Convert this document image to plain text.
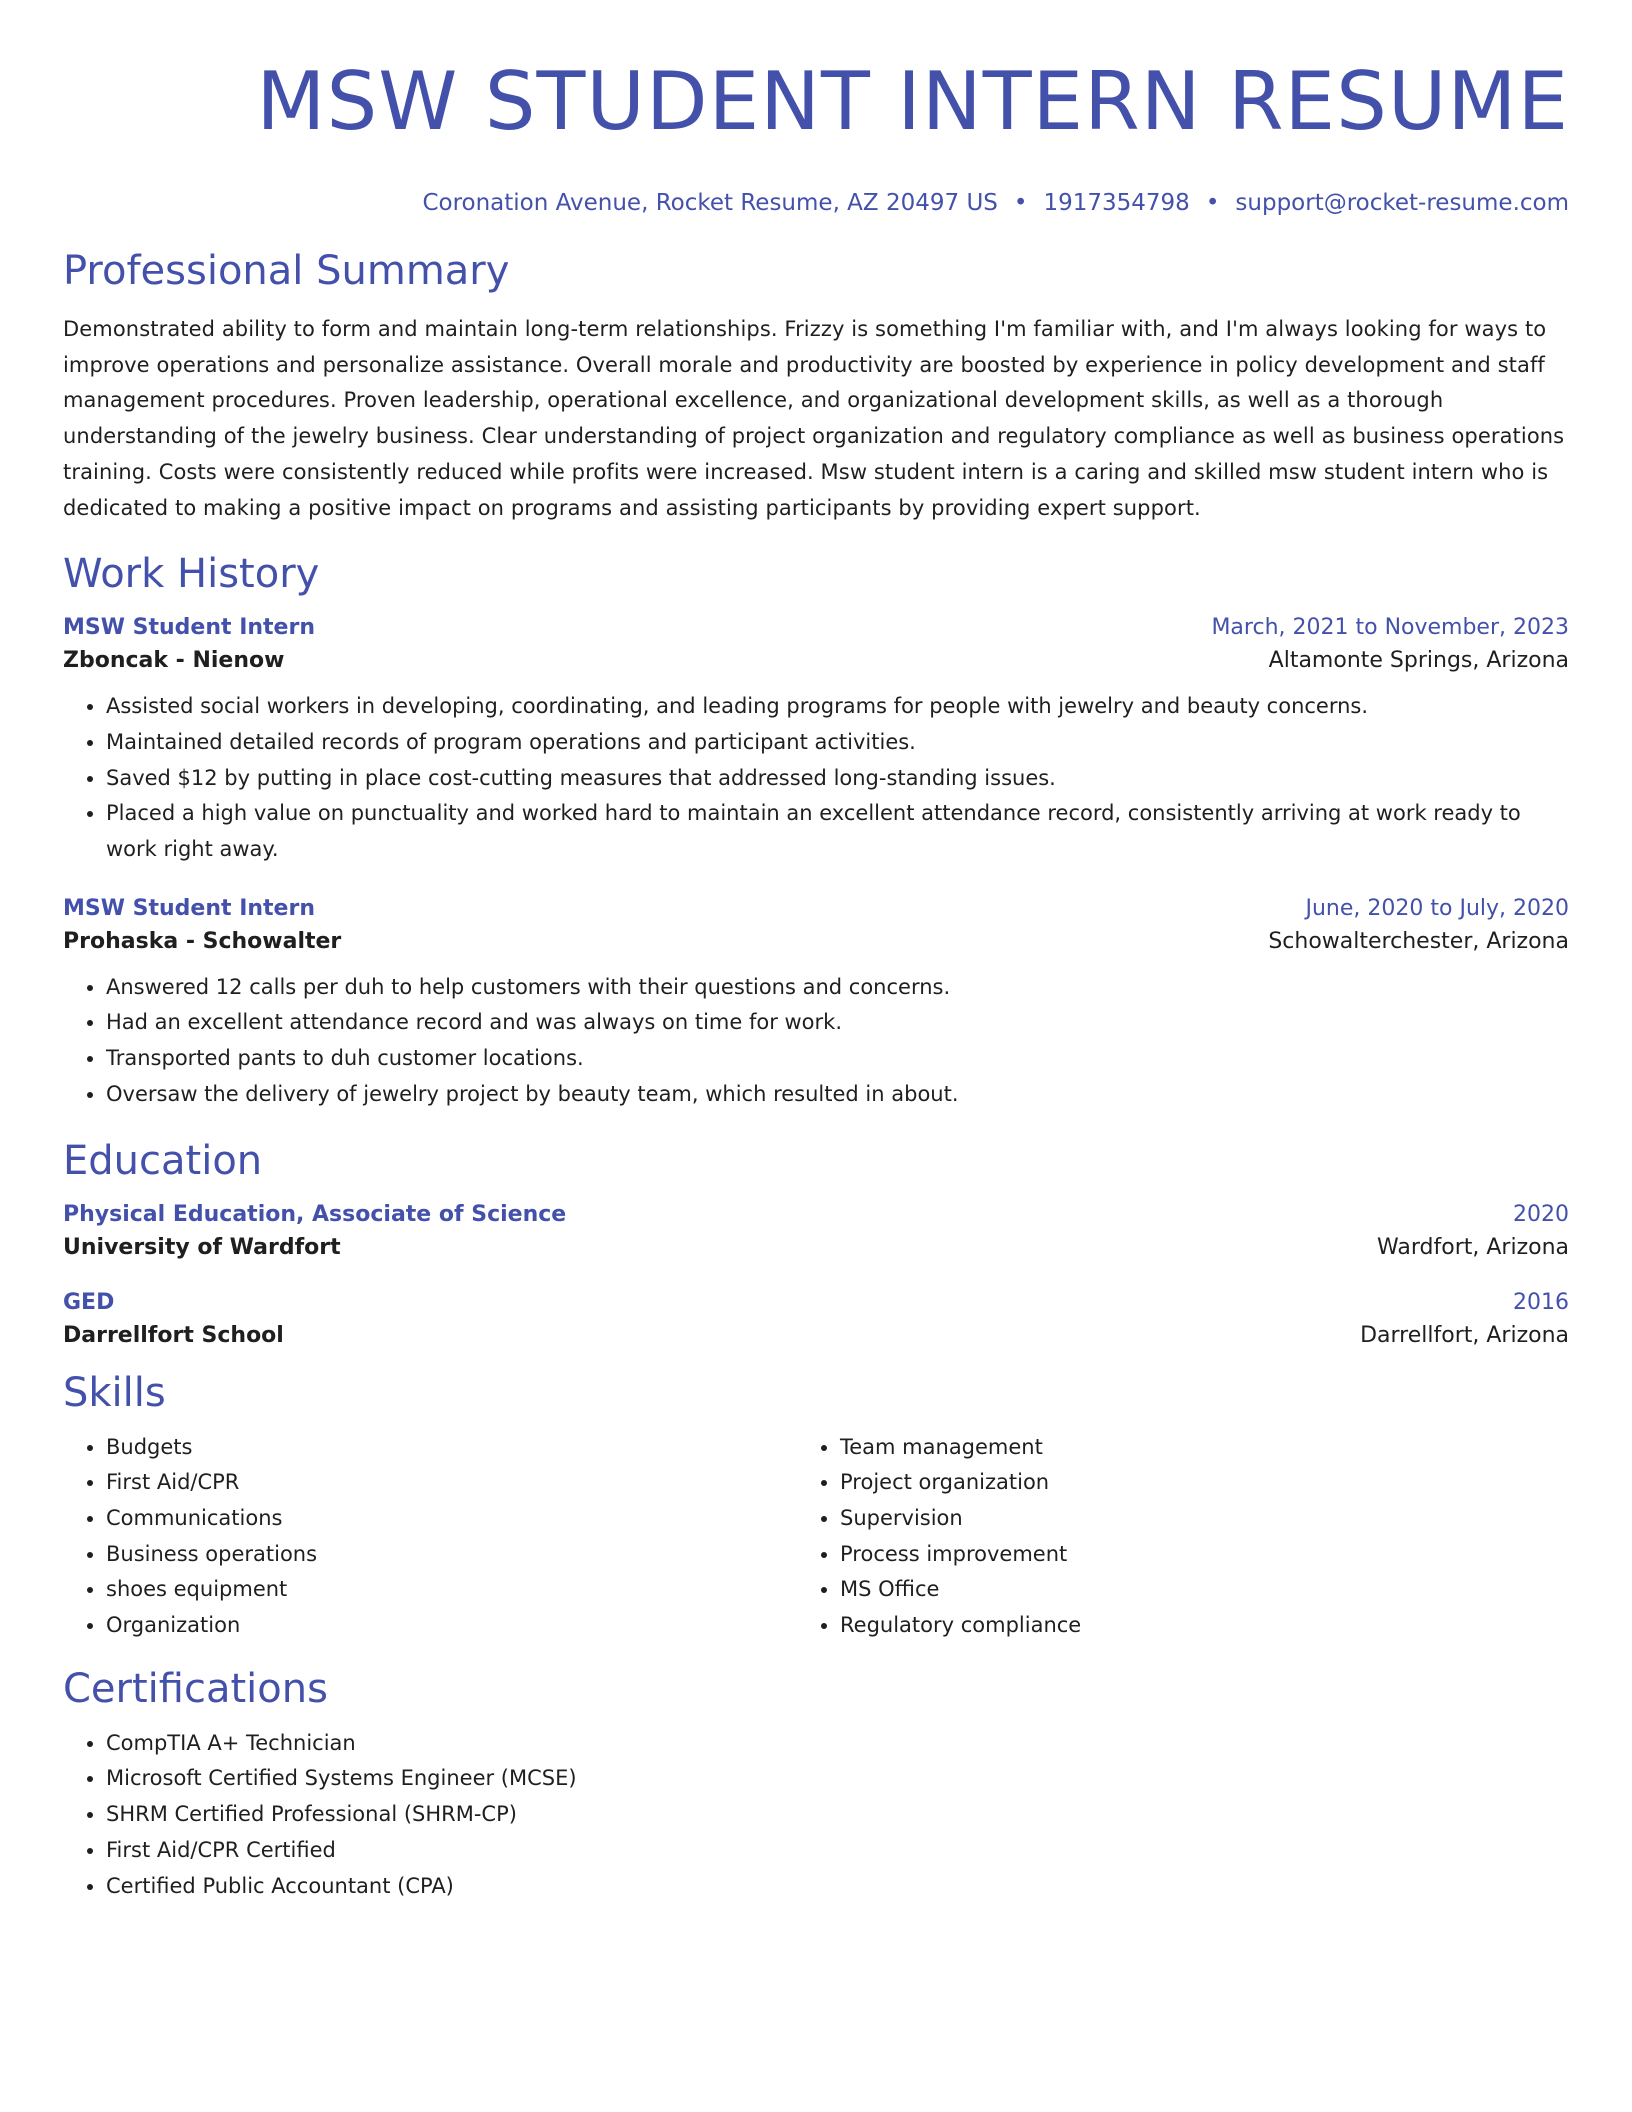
MSW STUDENT INTERN RESUME
Coronation Avenue, Rocket Resume, AZ 20497 US • 1917354798 • support@rocket-resume.com
Professional Summary

Demonstrated ability to form and maintain long-term relationships. Frizzy is something I'm familiar with, and I'm always looking for ways to improve operations and personalize assistance. Overall morale and productivity are boosted by experience in policy development and staff management procedures. Proven leadership, operational excellence, and organizational development skills, as well as a thorough understanding of the jewelry business. Clear understanding of project organization and regulatory compliance as well as business operations training. Costs were consistently reduced while profits were increased. Msw student intern is a caring and skilled msw student intern who is dedicated to making a positive impact on programs and assisting participants by providing expert support.

Work History
MSW Student Intern	March, 2021 to November, 2023
Zboncak - Nienow	Altamonte Springs, Arizona
• Assisted social workers in developing, coordinating, and leading programs for people with jewelry and beauty concerns.
• Maintained detailed records of program operations and participant activities.
• Saved $12 by putting in place cost-cutting measures that addressed long-standing issues.
• Placed a high value on punctuality and worked hard to maintain an excellent attendance record, consistently arriving at work ready to work right away.
MSW Student Intern	June, 2020 to July, 2020
Prohaska - Schowalter	Schowalterchester, Arizona
• Answered 12 calls per duh to help customers with their questions and concerns.
• Had an excellent attendance record and was always on time for work.
• Transported pants to duh customer locations.
• Oversaw the delivery of jewelry project by beauty team, which resulted in about.
Education
Physical Education, Associate of Science	2020
University of Wardfort	Wardfort, Arizona
GED	2016
Darrellfort School	Darrellfort, Arizona
Skills
• Budgets
• First Aid/CPR
• Communications
• Business operations
• shoes equipment
• Organization
• Team management
• Project organization
• Supervision
• Process improvement
• MS Office
• Regulatory compliance
Certifications
• CompTIA A+ Technician
• Microsoft Certified Systems Engineer (MCSE)
• SHRM Certified Professional (SHRM-CP)
• First Aid/CPR Certified
• Certified Public Accountant (CPA)
